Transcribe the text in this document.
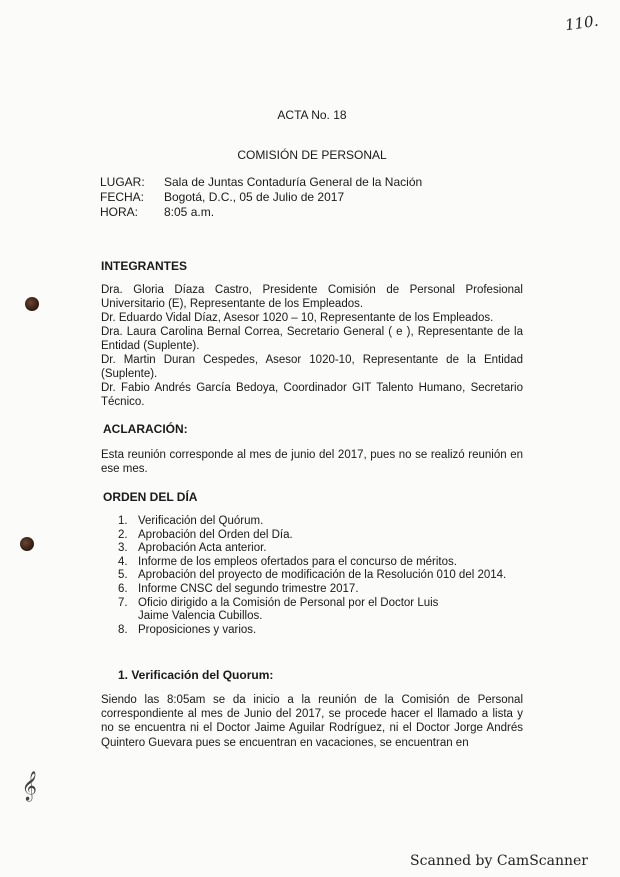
110.
ACTA No. 18
COMISIÓN DE PERSONAL
LUGAR:	Sala de Juntas Contaduría General de la Nación
FECHA:	Bogotá, D.C., 05 de Julio de 2017
HORA:	8:05 a.m.
INTEGRANTES

Dra. Gloria Díaza Castro, Presidente Comisión de Personal Profesional Universitario (E), Representante de los Empleados.

Dr. Eduardo Vidal Díaz, Asesor 1020 – 10, Representante de los Empleados.

Dra. Laura Carolina Bernal Correa, Secretario General ( e ), Representante de la Entidad (Suplente).

Dr. Martin Duran Cespedes, Asesor 1020-10, Representante de la Entidad (Suplente).

Dr. Fabio Andrés García Bedoya, Coordinador GIT Talento Humano, Secretario Técnico.

ACLARACIÓN:
Esta reunión corresponde al mes de junio del 2017, pues no se realizó reunión en ese mes.
ORDEN DEL DÍA
1. Verificación del Quórum.
2. Aprobación del Orden del Día.
3. Aprobación Acta anterior.
4. Informe de los empleos ofertados para el concurso de méritos.
5. Aprobación del proyecto de modificación de la Resolución 010 del 2014.
6. Informe CNSC del segundo trimestre 2017.
7. Oficio dirigido a la Comisión de Personal por el Doctor Luis Jaime Valencia Cubillos.
8. Proposiciones y varios.
1. Verificación del Quorum:
Siendo las 8:05am se da inicio a la reunión de la Comisión de Personal correspondiente al mes de Junio del 2017, se procede hacer el llamado a lista y no se encuentra ni el Doctor Jaime Aguilar Rodríguez, ni el Doctor Jorge Andrés Quintero Guevara pues se encuentran en vacaciones, se encuentran en
𝄞
Scanned by CamScanner
